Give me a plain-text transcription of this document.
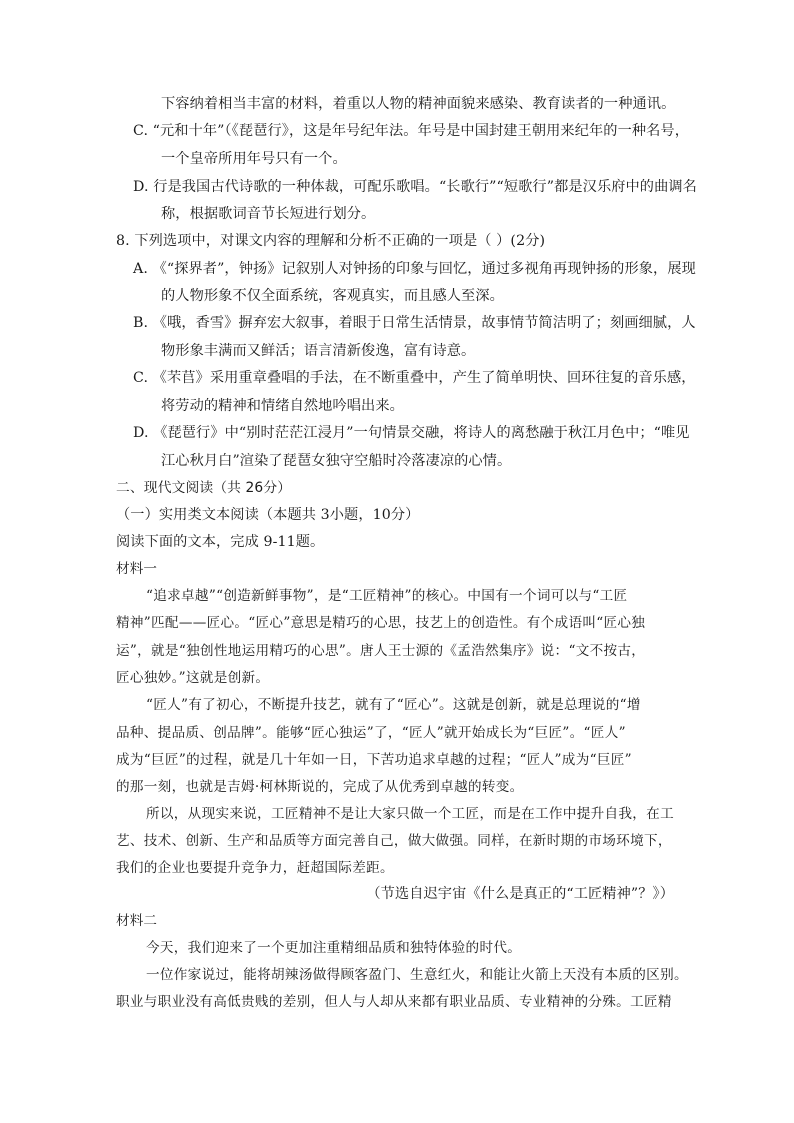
下容纳着相当丰富的材料，着重以人物的精神面貌来感染、教育读者的一种通讯。
C. “元和十年”（《琵琶行》，这是年号纪年法。年号是中国封建王朝用来纪年的一种名号，
一个皇帝所用年号只有一个。
D. 行是我国古代诗歌的一种体裁，可配乐歌唱。“长歌行”“短歌行”都是汉乐府中的曲调名
称，根据歌词音节长短进行划分。
8. 下列选项中，对课文内容的理解和分析不正确的一项是（ ）(2分)
A. 《“探界者”，钟扬》记叙别人对钟扬的印象与回忆，通过多视角再现钟扬的形象，展现
的人物形象不仅全面系统，客观真实，而且感人至深。
B. 《哦，香雪》摒弃宏大叙事，着眼于日常生活情景，故事情节简洁明了；刻画细腻，人
物形象丰满而又鲜活；语言清新俊逸，富有诗意。
C. 《芣苢》采用重章叠唱的手法，在不断重叠中，产生了简单明快、回环往复的音乐感，
将劳动的精神和情绪自然地吟唱出来。
D. 《琵琶行》中“别时茫茫江浸月”一句情景交融，将诗人的离愁融于秋江月色中；“唯见
江心秋月白”渲染了琵琶女独守空船时冷落凄凉的心情。
二、现代文阅读（共 26分）
（一）实用类文本阅读（本题共 3小题，10分）
阅读下面的文本，完成 9-11题。
材料一
“追求卓越”“创造新鲜事物”，是“工匠精神”的核心。中国有一个词可以与“工匠
精神”匹配——匠心。“匠心”意思是精巧的心思，技艺上的创造性。有个成语叫“匠心独
运”，就是“独创性地运用精巧的心思”。唐人王士源的《孟浩然集序》说：“文不按古，
匠心独妙。”这就是创新。
“匠人”有了初心，不断提升技艺，就有了“匠心”。这就是创新，就是总理说的“增
品种、提品质、创品牌”。能够“匠心独运”了，“匠人”就开始成长为“巨匠”。“匠人”
成为“巨匠”的过程，就是几十年如一日，下苦功追求卓越的过程；“匠人”成为“巨匠”
的那一刻，也就是吉姆·柯林斯说的，完成了从优秀到卓越的转变。
所以，从现实来说，工匠精神不是让大家只做一个工匠，而是在工作中提升自我，在工
艺、技术、创新、生产和品质等方面完善自己，做大做强。同样，在新时期的市场环境下，
我们的企业也要提升竞争力，赶超国际差距。
（节选自迟宇宙《什么是真正的“工匠精神”？》）
材料二
今天，我们迎来了一个更加注重精细品质和独特体验的时代。
一位作家说过，能将胡辣汤做得顾客盈门、生意红火，和能让火箭上天没有本质的区别。
职业与职业没有高低贵贱的差别，但人与人却从来都有职业品质、专业精神的分殊。工匠精
